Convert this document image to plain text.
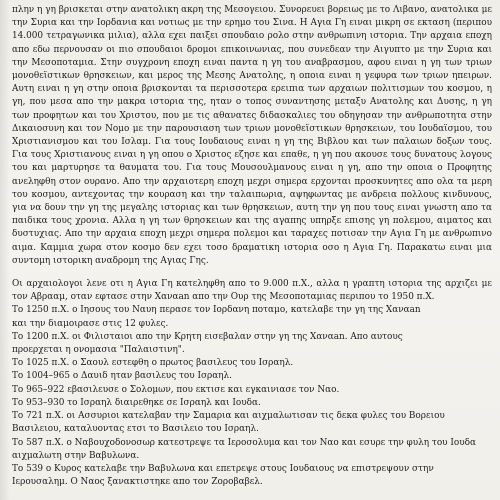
πλην η γη βρισκεται στην ανατολικη ακρη της Μεσογειου. Συνορευει βορειως με το Λιβανο, ανατολικα με την Συρια και την Ιορδανια και νοτιως με την ερημο του Σινα. Η Αγια Γη ειναι μικρη σε εκταση (περιπου 14.000 τετραγωνικα μιλια), αλλα εχει παιξει σπουδαιο ρολο στην ανθρωπινη ιστορια. Την αρχαια εποχη απο εδω περνουσαν οι πιο σπουδαιοι δρομοι επικοινωνιας, που συνεδεαν την Αιγυπτο με την Συρια και την Μεσοποταμια. Στην συγχρονη εποχη ειναι παντα η γη του αναβρασμου, αφου ειναι η γη των τριων μονοθεϊστικων θρησκειων, και μερος της Μεσης Ανατολης, η οποια ειναι η γεφυρα των τριων ηπειρων. Αυτη ειναι η γη στην οποια βρισκονται τα περισσοτερα ερειπια των αρχαιων πολιτισμων του κοσμου, η γη, που μεσα απο την μακρα ιστορια της, ηταν ο τοπος συναντησης μεταξυ Ανατολης και Δυσης, η γη των προφητων και του Χριστου, που με τις αθανατες διδασκαλιες του οδηγησαν την ανθρωποτητα στην Δικαιοσυνη και τον Νομο με την παρουσιαση των τριων μονοθεϊστικων θρησκειων, του Ιουδαϊσμου, του Χριστιανισμου και του Ισλαμ. Για τους Ιουδαιους ειναι η γη της Βιβλου και των παλαιων δοξων τους. Για τους Χριστιανους ειναι η γη οπου ο Χριστος εζησε και επαθε, η γη που ακουσε τους δυνατους λογους του και μαρτυρησε τα θαυματα του. Για τους Μουσουλμανους ειναι η γη, απο την οποια ο Προφητης ανεληφθη στον ουρανο. Απο την αρχαιοτερη εποχη μεχρι σημερα ερχονται προσκυνητες απο ολα τα μερη του κοσμου, αντεχοντας την κουραση και την ταλαιπωρια, αψηφωντας με ανδρεια πολλους κινδυνους, για να δουν την γη της μεγαλης ιστοριας και των θρησκειων, αυτη την γη που τους ειναι γνωστη απο τα παιδικα τους χρονια. Αλλα η γη των θρησκειων και της αγαπης υπηρξε επισης γη πολεμου, αιματος και δυστυχιας. Απο την αρχαια εποχη μεχρι σημερα πολεμοι και ταραχες ποτισαν την Αγια Γη με ανθρωπινο αιμα. Καμμια χωρα στον κοσμο δεν εχει τοσο δραματικη ιστορια οσο η Αγια Γη. Παρακατω ειναι μια συντομη ιστορικη αναδρομη της Αγιας Γης.

Οι αρχαιολογοι λενε οτι η Αγια Γη κατεληφθη απο το 9.000 π.Χ., αλλα η γραπτη ιστορια της αρχιζει με τον Αβρααμ, οταν εφτασε στην Χαναan απο την Ουρ της Μεσοποταμιας περιπου το 1950 π.Χ.

Το 1250 π.Χ. ο Ιησους του Ναυη περασε τον Ιορδανη ποταμο, κατελαβε την γη της Χαναan
και την διαμοιρασε στις 12 φυλες.
Το 1200 π.Χ. οι Φιλισταιοι απο την Κρητη εισεβαλαν στην γη της Χαναan. Απο αυτους
προερχεται η ονομασια "Παλαιστινη".
Το 1025 π.Χ. ο Σαουλ εστεφθη ο πρωτος βασιλευς του Ισραηλ.
Το 1004–965 ο Δαυιδ ηταν βασιλευς του Ισραηλ.
Το 965–922 εβασιλευσε ο Σολομων, που εκτισε και εγκαινιασε τον Ναο.
Το 953–930 το Ισραηλ διαιρεθηκε σε Ισραηλ και Ιουδα.
Το 721 π.Χ. οι Ασσυριοι κατελαβαν την Σαμαρια και αιχμαλωτισαν τις δεκα φυλες του Βορειου
Βασιλειου, καταλυοντας ετσι το Βασιλειο του Ισραηλ.
Το 587 π.Χ. ο Ναβουχοδονοσωρ κατεστρεψε τα Ιεροσολυμα και τον Ναο και εσυρε την φυλη του Ιουδα
αιχμαλωτη στην Βαβυλωνα.
Το 539 ο Κυρος κατελαβε την Βαβυλωνα και επετρεψε στους Ιουδαιους να επιστρεψουν στην
Ιερουσαλημ. Ο Ναος ξανακτιστηκε απο τον Ζοροβαβελ.
